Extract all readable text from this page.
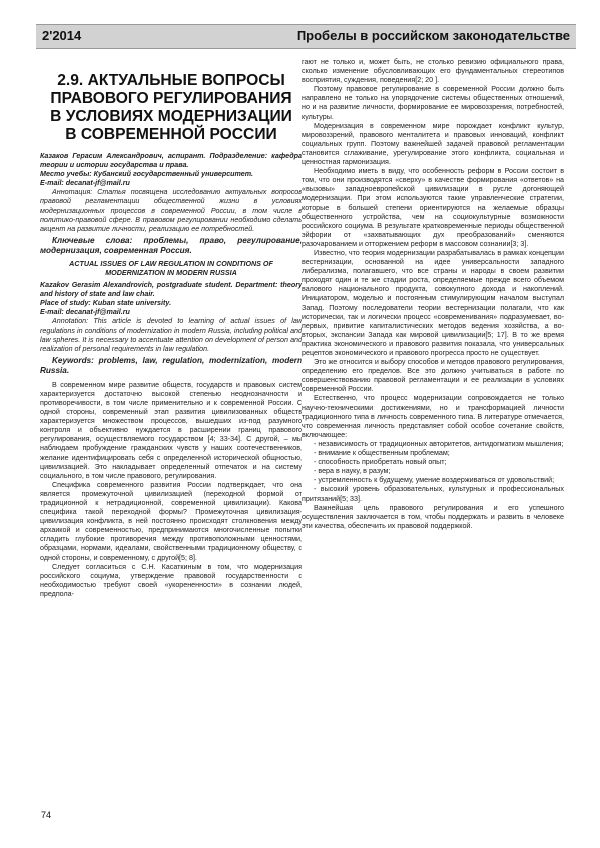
2'2014	Пробелы в российском законодательстве
2.9. АКТУАЛЬНЫЕ ВОПРОСЫ ПРАВОВОГО РЕГУЛИРОВАНИЯ В УСЛОВИЯХ МОДЕРНИЗАЦИИ В СОВРЕМЕННОЙ РОССИИ

Казаков Герасим Александрович, аспирант. Подразделение: кафедра теории и истории государства и права.

Место учебы: Кубанский государственный университет.

E-mail: decanat-jf@mail.ru

Аннотация: Статья посвящена исследованию актуальных вопросов правовой регламентации общественной жизни в условиях модернизационных процессов в современной России, в том числе в политико-правовой сфере. В правовом регулировании необходимо сделать акцент на развитие личности, реализацию ее потребностей.

Ключевые слова: проблемы, право, регулирование, модернизация, современная Россия.

ACTUAL ISSUES OF LAW REGULATION IN CONDITIONS OF MODERNIZATION IN MODERN RUSSIA

Kazakov Gerasim Alexandrovich, postgraduate student. Department: theory and history of state and law chair.

Place of study: Kuban state university.

E-mail: decanat-jf@mail.ru

Annotation: This article is devoted to learning of actual issues of law regulations in conditions of modernization in modern Russia, including political and law spheres. It is necessary to accentuate attention on development of person and realization of personal requirements in law regulation.

Keywords: problems, law, regulation, modernization, modern Russia.

В современном мире развитие обществ, государств и правовых систем характеризуется достаточно высокой степенью неоднозначности и противоречивости, в том числе применительно и к современной России. С одной стороны, современный этап развития цивилизованных обществ характеризуется множеством процессов, вышедших из-под разумного контроля и объективно нуждается в расширении границ правового регулирования, осуществляемого государством [4; 33-34]. С другой, – мы наблюдаем пробуждение гражданских чувств у наших соотечественников, желание идентифицировать себя с определенной исторической общностью, цивилизацией. Это накладывает определенный отпечаток и на систему социального, в том числе правового, регулирования.

Специфика современного развития России подтверждает, что она является промежуточной цивилизацией (переходной формой от традиционной к нетрадиционной, современной цивилизации). Какова специфика такой переходной формы? Промежуточная цивилизация-цивилизация конфликта, в ней постоянно происходят столкновения между архаикой и современностью, предпринимаются многочисленные попытки сгладить глубокие противоречия между противоположными ценностями, образцами, нормами, идеалами, свойственными традиционному обществу, с одной стороны, и современному, с другой[5; 8].

Следует согласиться с С.Н. Касаткиным в том, что модернизация российского социума, утверждение правовой государственности с необходимостью требуют своей «укорененности» в сознании людей, предпола-

гают не только и, может быть, не столько ревизию официального права, сколько изменение обусловливающих его фундаментальных стереотипов восприятия, суждения, поведения[2; 20 ].

Поэтому правовое регулирование в современной России должно быть направлено не только на упорядочение системы общественных отношений, но и на развитие личности, формирование ее мировоззрения, потребностей, культуры.

Модернизация в современном мире порождает конфликт культур, мировоззрений, правового менталитета и правовых инноваций, конфликт социальных групп. Поэтому важнейшей задачей правовой регламентации становится сглаживание, урегулирование этого конфликта, социальная и ценностная гармонизация.

Необходимо иметь в виду, что особенность реформ в России состоит в том, что они производятся «сверху» в качестве формирования «ответов» на «вызовы» западноевропейской цивилизации в русле догоняющей модернизации. При этом используются такие управленческие стратегии, которые в большей степени ориентируются на желаемые образцы общественного устройства, чем на социокультурные возможности российского социума. В результате кратковременные периоды общественной эйфории от «захватывающих дух преобразований» сменяются разочарованием и отторжением реформ в массовом сознании[3; 3].

Известно, что теория модернизации разрабатывалась в рамках концепции вестернизации, основанной на идее универсальности западного либерализма, полагавшего, что все страны и народы в своем развитии проходят один и те же стадии роста, определяемые прежде всего объемом валового национального продукта, совокупного дохода и накоплений. Инициатором, моделью и постоянным стимулирующим началом выступал Запад. Поэтому последователи теории вестернизации полагали, что как исторически, так и логически процесс «современивания» подразумевает, во-первых, привитие капиталистических методов ведения хозяйства, а во-вторых, экспансии Запада как мировой цивилизации[5; 17]. В то же время практика экономического и правового развития показала, что универсальных рецептов экономического и правового прогресса просто не существует.

Это же относится и выбору способов и методов правового регулирования, определению его пределов. Все это должно учитываться в работе по совершенствованию правовой регламентации и ее реализации в условиях современной России.

Естественно, что процесс модернизации сопровождается не только научно-техническими достижениями, но и трансформацией личности традиционного типа в личность современного типа. В литературе отмечается, что современная личность представляет собой особое сочетание свойств, включающее:

- независимость от традиционных авторитетов, антидогматизм мышления;

- внимание к общественным проблемам;

- способность приобретать новый опыт;

- вера в науку, в разум;

- устремленность к будущему, умение воздерживаться от удовольствий;

- высокий уровень образовательных, культурных и профессиональных притязаний[5; 33].

Важнейшая цель правового регулирования и его успешного осуществления заключается в том, чтобы поддержать и развить в человеке эти качества, обеспечить их правовой поддержкой.

74
